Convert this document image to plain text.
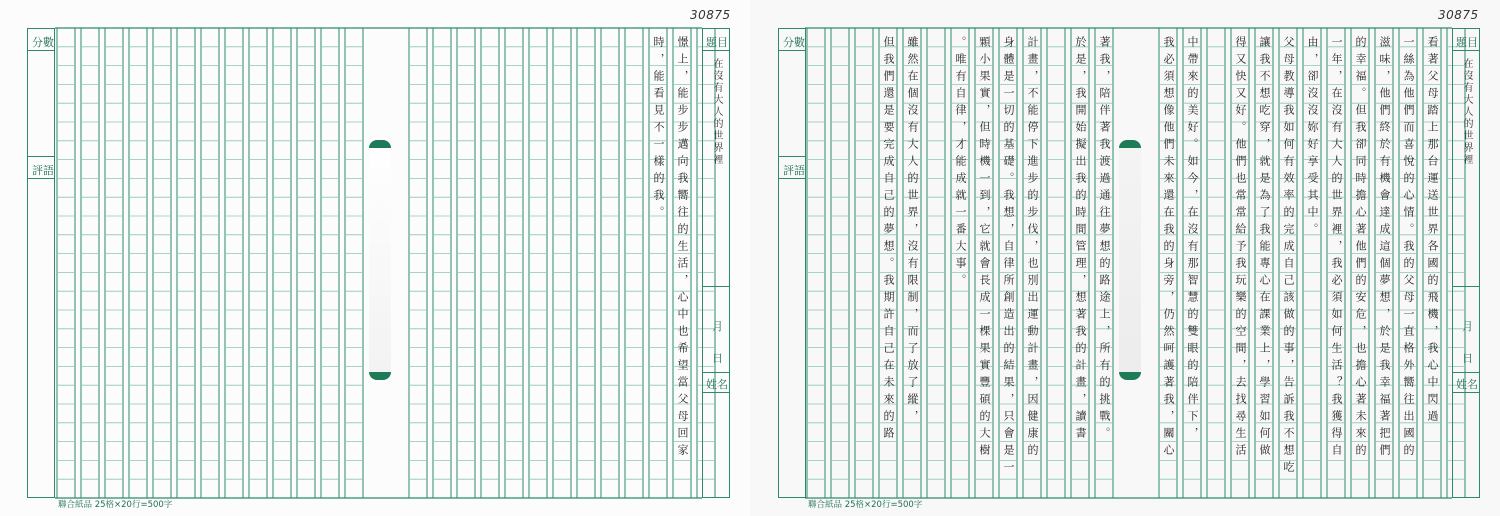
30875
分數
評語
題目
在沒有大人的世界裡
月
日
姓名
時，能看見不一樣的我。 憬上，能步步邁向我嚮往的生活，心中也希望當父母回家
聯合紙品 25格×20行=500字
30875
分數
評語
題目
在沒有大人的世界裡
月
日
姓名
看著父母踏上那台運送世界各國的飛機，我心中閃過
一絲為他們而喜悅的心情。我的父母一直格外嚮往出國的
滋味，他們終於有機會達成這個夢想，於是我幸福著把們
的幸福。但我卻同時擔心著他們的安危，也擔心著未來的
一年，在沒有大人的世界裡，我必須如何生活？我獲得自
由，卻沒沒妳好享受其中。
父母教導我如何有效率的完成自己該做的事，告訴我不想吃
讓我不想吃穿，就是為了我能專心在課業上，學習如何做
得又快又好。他們也常常給予我玩樂的空間，去找尋生活
中帶來的美好。如今，在沒有那智慧的雙眼的陪伴下，
我必須想像他們未來還在我的身旁，仍然呵護著我，關心
著我，陪伴著我渡過通往夢想的路途上，所有的挑戰。
於是，我開始擬出我的時間管理，想著我的計畫，讀書
計畫，不能停下進步的步伐，也別出運動計畫，因健康的
身體是一切的基礎。我想，自律所創造出的結果，只會是一
顆小果實，但時機一到，它就會長成一棵果實豐碩的大樹
。唯有自律，才能成就一番大事。
雖然在個沒有大人的世界，沒有限制，而了放了縱，
但我們還是要完成自己的夢想。我期許自己在未來的路
聯合紙品 25格×20行=500字
